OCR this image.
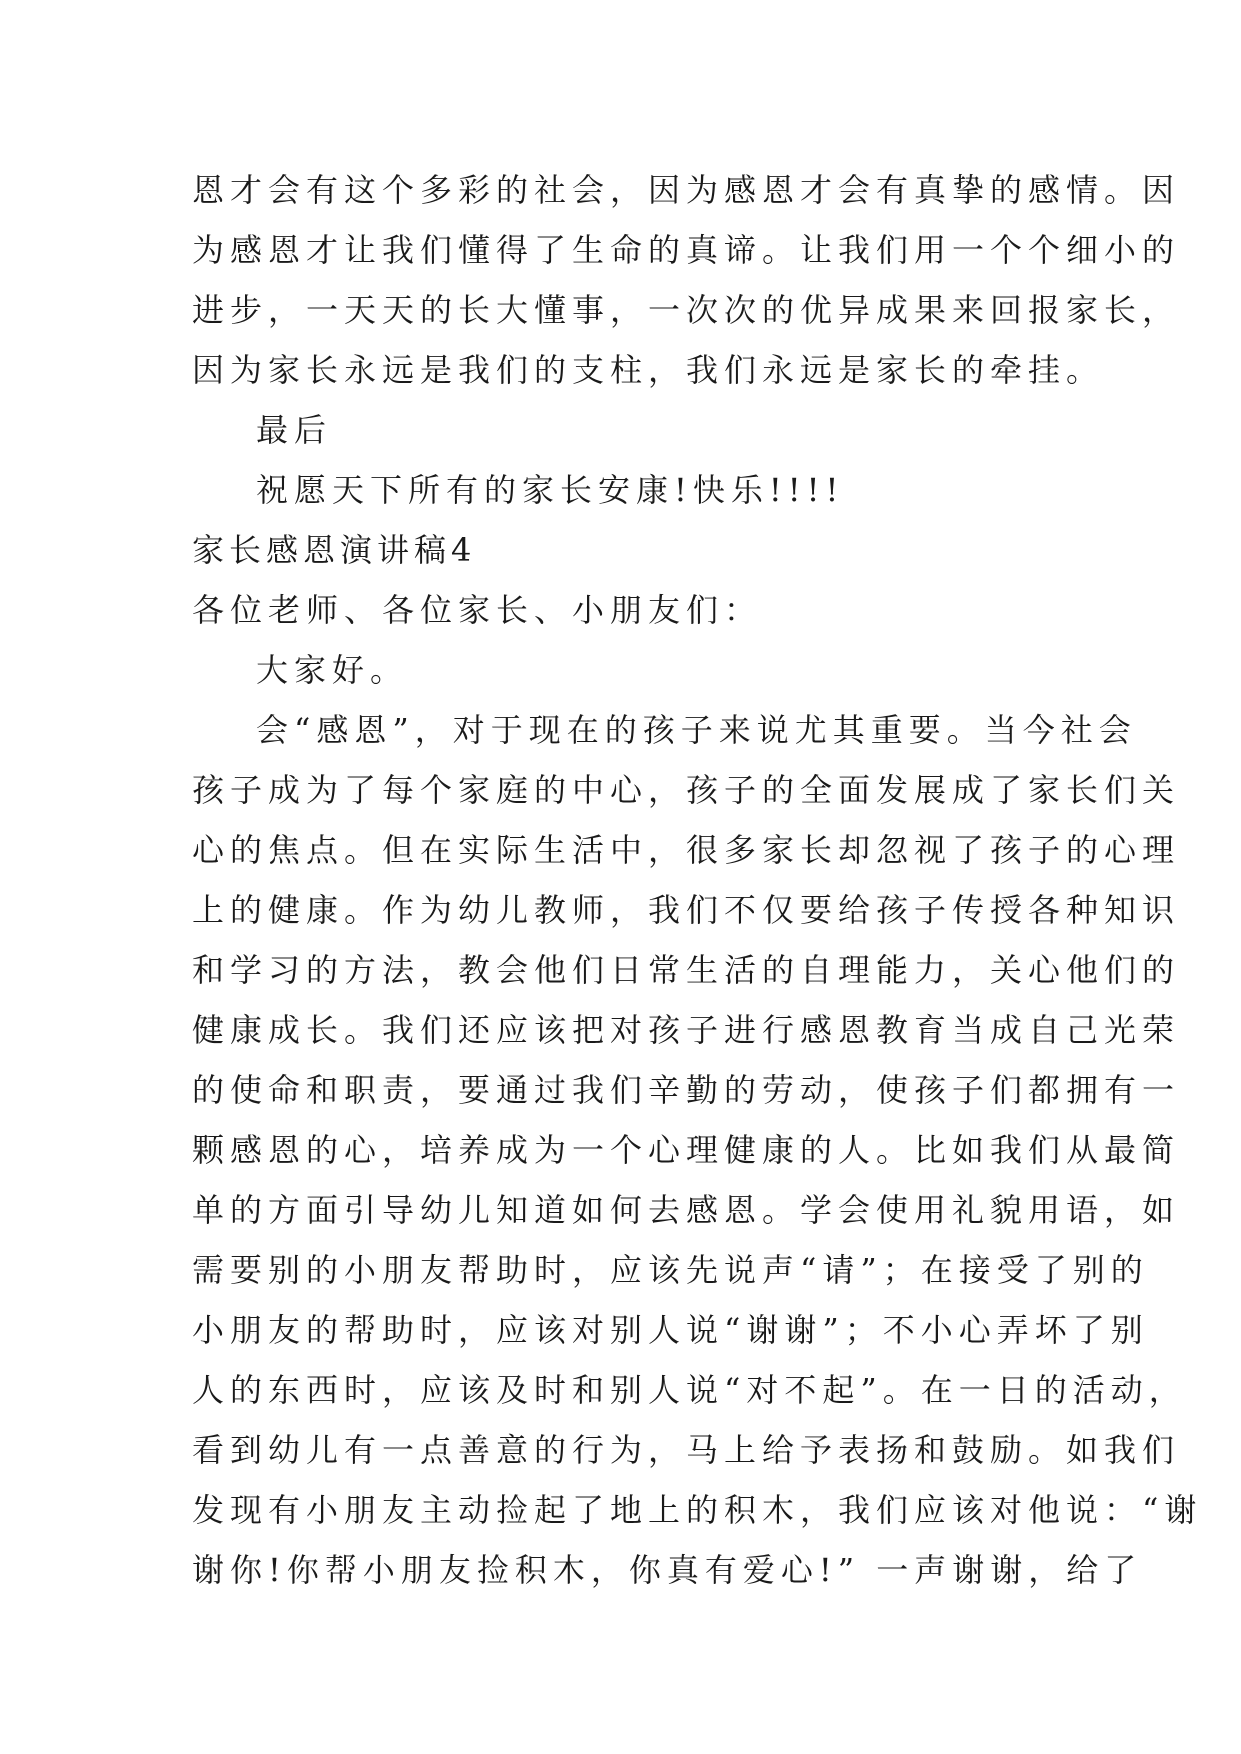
恩才会有这个多彩的社会，因为感恩才会有真挚的感情。因
为感恩才让我们懂得了生命的真谛。让我们用一个个细小的
进步，一天天的长大懂事，一次次的优异成果来回报家长，
因为家长永远是我们的支柱，我们永远是家长的牵挂。
最后
祝愿天下所有的家长安康!快乐!!!!
家长感恩演讲稿4
各位老师、各位家长、小朋友们：
大家好。
会“感恩”，对于现在的孩子来说尤其重要。当今社会
孩子成为了每个家庭的中心，孩子的全面发展成了家长们关
心的焦点。但在实际生活中，很多家长却忽视了孩子的心理
上的健康。作为幼儿教师，我们不仅要给孩子传授各种知识
和学习的方法，教会他们日常生活的自理能力，关心他们的
健康成长。我们还应该把对孩子进行感恩教育当成自己光荣
的使命和职责，要通过我们辛勤的劳动，使孩子们都拥有一
颗感恩的心，培养成为一个心理健康的人。比如我们从最简
单的方面引导幼儿知道如何去感恩。学会使用礼貌用语，如
需要别的小朋友帮助时，应该先说声“请”；在接受了别的
小朋友的帮助时，应该对别人说“谢谢”；不小心弄坏了别
人的东西时，应该及时和别人说“对不起”。在一日的活动，
看到幼儿有一点善意的行为，马上给予表扬和鼓励。如我们
发现有小朋友主动捡起了地上的积木，我们应该对他说：“谢
谢你!你帮小朋友捡积木，你真有爱心!” 一声谢谢，给了
